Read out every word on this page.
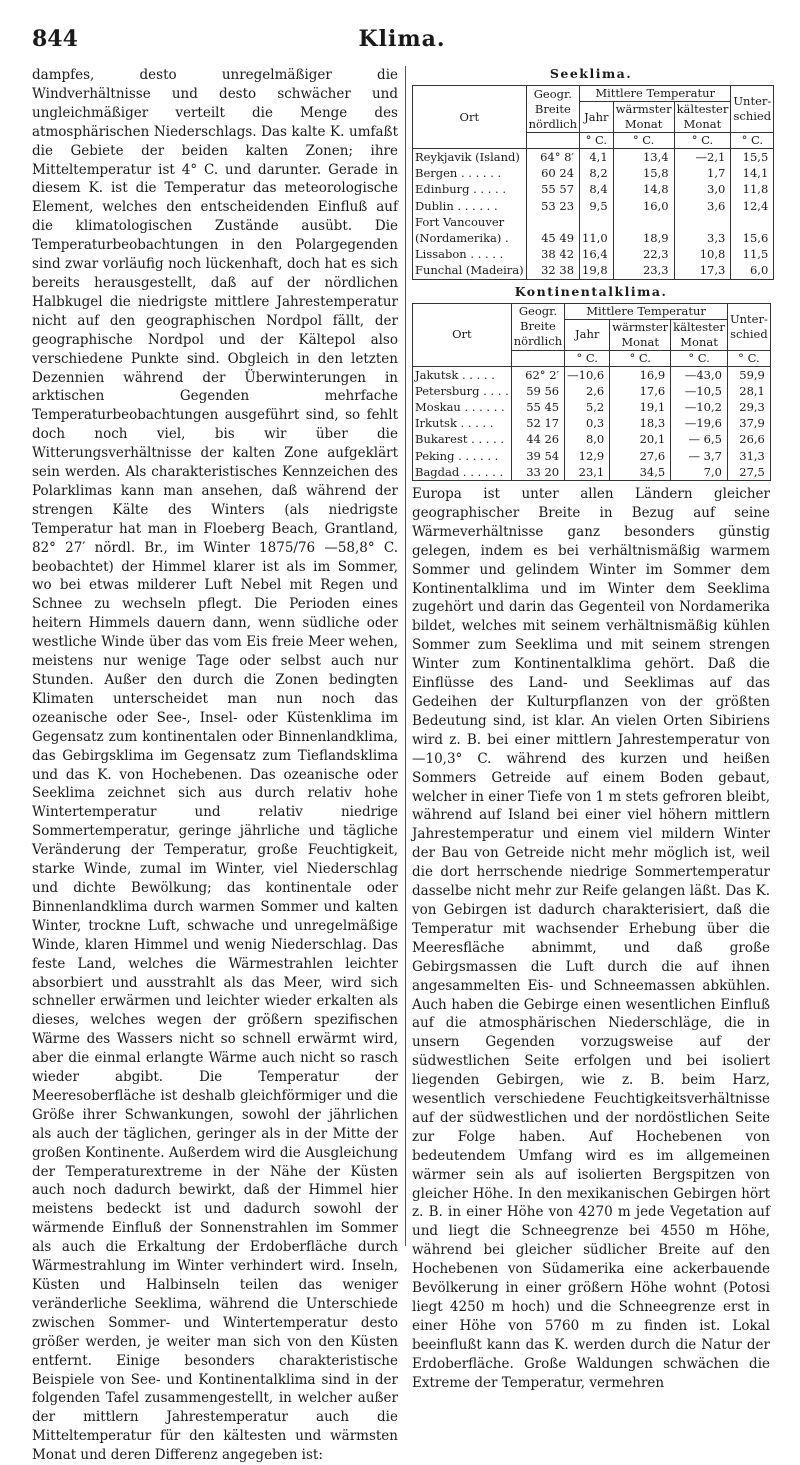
844	Klima.

dampfes, desto unregelmäßiger die Windverhältnisse und desto schwächer und ungleichmäßiger verteilt die Menge des atmosphärischen Niederschlags. Das kalte K. umfaßt die Gebiete der beiden kalten Zonen; ihre Mitteltemperatur ist 4° C. und darunter. Gerade in diesem K. ist die Temperatur das meteorologische Element, welches den entscheidenden Einfluß auf die klimatologischen Zustände ausübt. Die Temperaturbeobachtungen in den Polargegenden sind zwar vorläufig noch lückenhaft, doch hat es sich bereits herausgestellt, daß auf der nördlichen Halbkugel die niedrigste mittlere Jahrestemperatur nicht auf den geographischen Nordpol fällt, der geographische Nordpol und der Kältepol also verschiedene Punkte sind. Obgleich in den letzten Dezennien während der Überwinterungen in arktischen Gegenden mehrfache Temperaturbeobachtungen ausgeführt sind, so fehlt doch noch viel, bis wir über die Witterungsverhältnisse der kalten Zone aufgeklärt sein werden. Als charakteristisches Kennzeichen des Polarklimas kann man ansehen, daß während der strengen Kälte des Winters (als niedrigste Temperatur hat man in Floeberg Beach, Grantland, 82° 27′ nördl. Br., im Winter 1875/76 —58,8° C. beobachtet) der Himmel klarer ist als im Sommer, wo bei etwas milderer Luft Nebel mit Regen und Schnee zu wechseln pflegt. Die Perioden eines heitern Himmels dauern dann, wenn südliche oder westliche Winde über das vom Eis freie Meer wehen, meistens nur wenige Tage oder selbst auch nur Stunden. Außer den durch die Zonen bedingten Klimaten unterscheidet man nun noch das ozeanische oder See-, Insel- oder Küstenklima im Gegensatz zum kontinentalen oder Binnenlandklima, das Gebirgsklima im Gegensatz zum Tieflandsklima und das K. von Hochebenen. Das ozeanische oder Seeklima zeichnet sich aus durch relativ hohe Wintertemperatur und relativ niedrige Sommertemperatur, geringe jährliche und tägliche Veränderung der Temperatur, große Feuchtigkeit, starke Winde, zumal im Winter, viel Niederschlag und dichte Bewölkung; das kontinentale oder Binnenlandklima durch warmen Sommer und kalten Winter, trockne Luft, schwache und unregelmäßige Winde, klaren Himmel und wenig Niederschlag. Das feste Land, welches die Wärmestrahlen leichter absorbiert und ausstrahlt als das Meer, wird sich schneller erwärmen und leichter wieder erkalten als dieses, welches wegen der größern spezifischen Wärme des Wassers nicht so schnell erwärmt wird, aber die einmal erlangte Wärme auch nicht so rasch wieder abgibt. Die Temperatur der Meeresoberfläche ist deshalb gleichförmiger und die Größe ihrer Schwankungen, sowohl der jährlichen als auch der täglichen, geringer als in der Mitte der großen Kontinente. Außerdem wird die Ausgleichung der Temperaturextreme in der Nähe der Küsten auch noch dadurch bewirkt, daß der Himmel hier meistens bedeckt ist und dadurch sowohl der wärmende Einfluß der Sonnenstrahlen im Sommer als auch die Erkaltung der Erdoberfläche durch Wärmestrahlung im Winter verhindert wird. Inseln, Küsten und Halbinseln teilen das weniger veränderliche Seeklima, während die Unterschiede zwischen Sommer- und Wintertemperatur desto größer werden, je weiter man sich von den Küsten entfernt. Einige besonders charakteristische Beispiele von See- und Kontinentalklima sind in der folgenden Tafel zusammengestellt, in welcher außer der mittlern Jahrestemperatur auch die Mitteltemperatur für den kältesten und wärmsten Monat und deren Differenz angegeben ist:

Seeklima.
Ort	Geogr. Breite nördlich	Mittlere Temperatur			Unter-schied
		Jahr	wärmster Monat	kältester Monat	
		° C.	° C.	° C.	° C.
Reykjavik (Island)	64° 8′	4,1	13,4	—2,1	15,5
Bergen . . . . . .	60 24	8,2	15,8	1,7	14,1
Edinburg . . . . .	55 57	8,4	14,8	3,0	11,8
Dublin . . . . . .	53 23	9,5	16,0	3,6	12,4
Fort Vancouver					
(Nordamerika) .	45 49	11,0	18,9	3,3	15,6
Lissabon . . . . .	38 42	16,4	22,3	10,8	11,5
Funchal (Madeira)	32 38	19,8	23,3	17,3	6,0
Kontinentalklima.
Ort	Geogr. Breite nördlich	Mittlere Temperatur			Unter-schied
		Jahr	wärmster Monat	kältester Monat	
		° C.	° C.	° C.	° C.
Jakutsk . . . . .	62° 2′	—10,6	16,9	—43,0	59,9
Petersburg . . . .	59 56	2,6	17,6	—10,5	28,1
Moskau . . . . . .	55 45	5,2	19,1	—10,2	29,3
Irkutsk . . . . .	52 17	0,3	18,3	—19,6	37,9
Bukarest . . . . .	44 26	8,0	20,1	— 6,5	26,6
Peking . . . . . .	39 54	12,9	27,6	— 3,7	31,3
Bagdad . . . . . .	33 20	23,1	34,5	7,0	27,5

Europa ist unter allen Ländern gleicher geographischer Breite in Bezug auf seine Wärmeverhältnisse ganz besonders günstig gelegen, indem es bei verhältnismäßig warmem Sommer und gelindem Winter im Sommer dem Kontinentalklima und im Winter dem Seeklima zugehört und darin das Gegenteil von Nordamerika bildet, welches mit seinem verhältnismäßig kühlen Sommer zum Seeklima und mit seinem strengen Winter zum Kontinentalklima gehört. Daß die Einflüsse des Land- und Seeklimas auf das Gedeihen der Kulturpflanzen von der größten Bedeutung sind, ist klar. An vielen Orten Sibiriens wird z. B. bei einer mittlern Jahrestemperatur von —10,3° C. während des kurzen und heißen Sommers Getreide auf einem Boden gebaut, welcher in einer Tiefe von 1 m stets gefroren bleibt, während auf Island bei einer viel höhern mittlern Jahrestemperatur und einem viel mildern Winter der Bau von Getreide nicht mehr möglich ist, weil die dort herrschende niedrige Sommertemperatur dasselbe nicht mehr zur Reife gelangen läßt. Das K. von Gebirgen ist dadurch charakterisiert, daß die Temperatur mit wachsender Erhebung über die Meeresfläche abnimmt, und daß große Gebirgsmassen die Luft durch die auf ihnen angesammelten Eis- und Schneemassen abkühlen. Auch haben die Gebirge einen wesentlichen Einfluß auf die atmosphärischen Niederschläge, die in unsern Gegenden vorzugsweise auf der südwestlichen Seite erfolgen und bei isoliert liegenden Gebirgen, wie z. B. beim Harz, wesentlich verschiedene Feuchtigkeitsverhältnisse auf der südwestlichen und der nordöstlichen Seite zur Folge haben. Auf Hochebenen von bedeutendem Umfang wird es im allgemeinen wärmer sein als auf isolierten Bergspitzen von gleicher Höhe. In den mexikanischen Gebirgen hört z. B. in einer Höhe von 4270 m jede Vegetation auf und liegt die Schneegrenze bei 4550 m Höhe, während bei gleicher südlicher Breite auf den Hochebenen von Südamerika eine ackerbauende Bevölkerung in einer größern Höhe wohnt (Potosi liegt 4250 m hoch) und die Schneegrenze erst in einer Höhe von 5760 m zu finden ist. Lokal beeinflußt kann das K. werden durch die Natur der Erdoberfläche. Große Waldungen schwächen die Extreme der Temperatur, vermehren
